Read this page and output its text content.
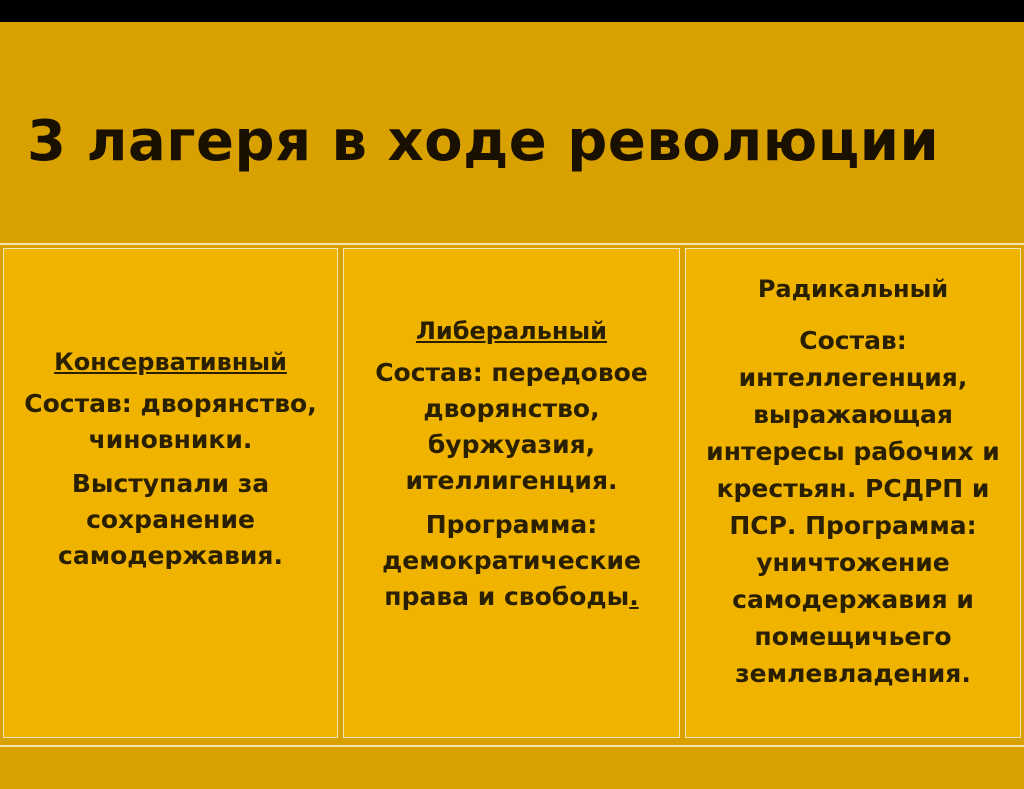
3 лагеря в ходе революции

Консервативный

Состав: дворянство, чиновники.

Выступали за сохранение самодержавия.

Либеральный

Состав: передовое дворянство, буржуазия, ителлигенция.

Программа: демократические права и свободы.

Радикальный

Состав: интеллегенция, выражающая интересы рабочих и крестьян. РСДРП и ПСР. Программа: уничтожение самодержавия и помещичьего землевладения.
